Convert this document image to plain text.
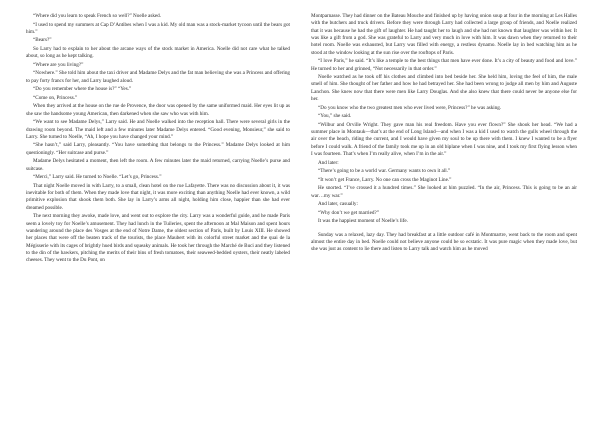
“Where did you learn to speak French so well?” Noelle asked.

“I used to spend my summers at Cap D’Antibes when I was a kid. My old man was a stock-market tycoon until the bears got him.”

“Bears?”

So Larry had to explain to her about the arcane ways of the stock market in America. Noelle did not care what he talked about, so long as he kept talking.

“Where are you living?”

“Nowhere.” She told him about the taxi driver and Madame Delys and the fat man believing she was a Princess and offering to pay forty francs for her, and Larry laughed aloud.

“Do you remember where the house is?” “Yes.”

“Come on, Princess.”

When they arrived at the house on the rue de Provence, the door was opened by the same uniformed maid. Her eyes lit up as she saw the handsome young American, then darkened when she saw who was with him.

“We want to see Madame Delys,” Larry said. He and Noelle walked into the reception hall. There were several girls in the drawing room beyond. The maid left and a few minutes later Madame Delys entered. “Good evening, Monsieur,” she said to Larry. She turned to Noelle, “Ah, I hope you have changed your mind.”

“She hasn’t,” said Larry, pleasantly. “You have something that belongs to the Princess.” Madame Delys looked at him questioningly. “Her suitcase and purse.”

Madame Delys hesitated a moment, then left the room. A few minutes later the maid returned, carrying Noelle’s purse and suitcase.

“Merci,” Larry said. He turned to Noelle. “Let’s go, Princess.”

That night Noelle moved in with Larry, to a small, clean hotel on the rue Lafayette. There was no discussion about it, it was inevitable for both of them. When they made love that night, it was more exciting than anything Noelle had ever known, a wild primitive explosion that shook them both. She lay in Larry’s arms all night, holding him close, happier than she had ever dreamed possible.

The next morning they awoke, made love, and went out to explore the city. Larry was a wonderful guide, and he made Paris seem a lovely toy for Noelle’s amusement. They had lunch in the Tuileries, spent the afternoon at Mal Maison and spent hours wandering around the place des Vosges at the end of Notre Dame, the oldest section of Paris, built by Louis XIII. He showed her places that were off the beaten track of the tourists, the place Maubert with its colorful street market and the quai de la Mégisserie with its cages of brightly hued birds and squeaky animals. He took her through the Marché de Buci and they listened to the din of the hawkers, pitching the merits of their bins of fresh tomatoes, their seaweed-bedded oysters, their neatly labeled cheeses. They went to the Du Pont, on

Montparnasse. They had dinner on the Bateau Mouche and finished up by having onion soup at four in the morning at Les Halles with the butchers and truck drivers. Before they were through Larry had collected a large group of friends, and Noelle realized that it was because he had the gift of laughter. He had taught her to laugh and she had not known that laughter was within her. It was like a gift from a god. She was grateful to Larry and very much in love with him. It was dawn when they returned to their hotel room. Noelle was exhausted, but Larry was filled with energy, a restless dynamo. Noelle lay in bed watching him as he stood at the window looking at the sun rise over the rooftops of Paris.

“I love Paris,” he said. “It’s like a temple to the best things that men have ever done. It’s a city of beauty and food and love.” He turned to her and grinned, “Not necessarily in that order.”

Noelle watched as he took off his clothes and climbed into bed beside her. She held him, loving the feel of him, the male smell of him. She thought of her father and how he had betrayed her. She had been wrong to judge all men by him and Auguste Lanchon. She knew now that there were men like Larry Douglas. And she also knew that there could never be anyone else for her.

“Do you know who the two greatest men who ever lived were, Princess?” he was asking.

“You,” she said.

“Wilbur and Orville Wright. They gave man his real freedom. Have you ever flown?” She shook her head. “We had a summer place in Montauk—that’s at the end of Long Island—and when I was a kid I used to watch the gulls wheel through the air over the beach, riding the current, and I would have given my soul to be up there with them. I knew I wanted to be a flyer before I could walk. A friend of the family took me up in an old biplane when I was nine, and I took my first flying lesson when I was fourteen. That’s when I’m really alive, when I’m in the air.”

And later:

“There’s going to be a world war. Germany wants to own it all.”

“It won’t get France, Larry. No one can cross the Maginot Line.”

He snorted. “I’ve crossed it a hundred times.” She looked at him puzzled. “In the air, Princess. This is going to be an air war…my war.”

And later, casually:

“Why don’t we get married?”

It was the happiest moment of Noelle’s life.

Sunday was a relaxed, lazy day. They had breakfast at a little outdoor café in Montmartre, went back to the room and spent almost the entire day in bed. Noelle could not believe anyone could be so ecstatic. It was pure magic when they made love, but she was just as content to lie there and listen to Larry talk and watch him as he moved
